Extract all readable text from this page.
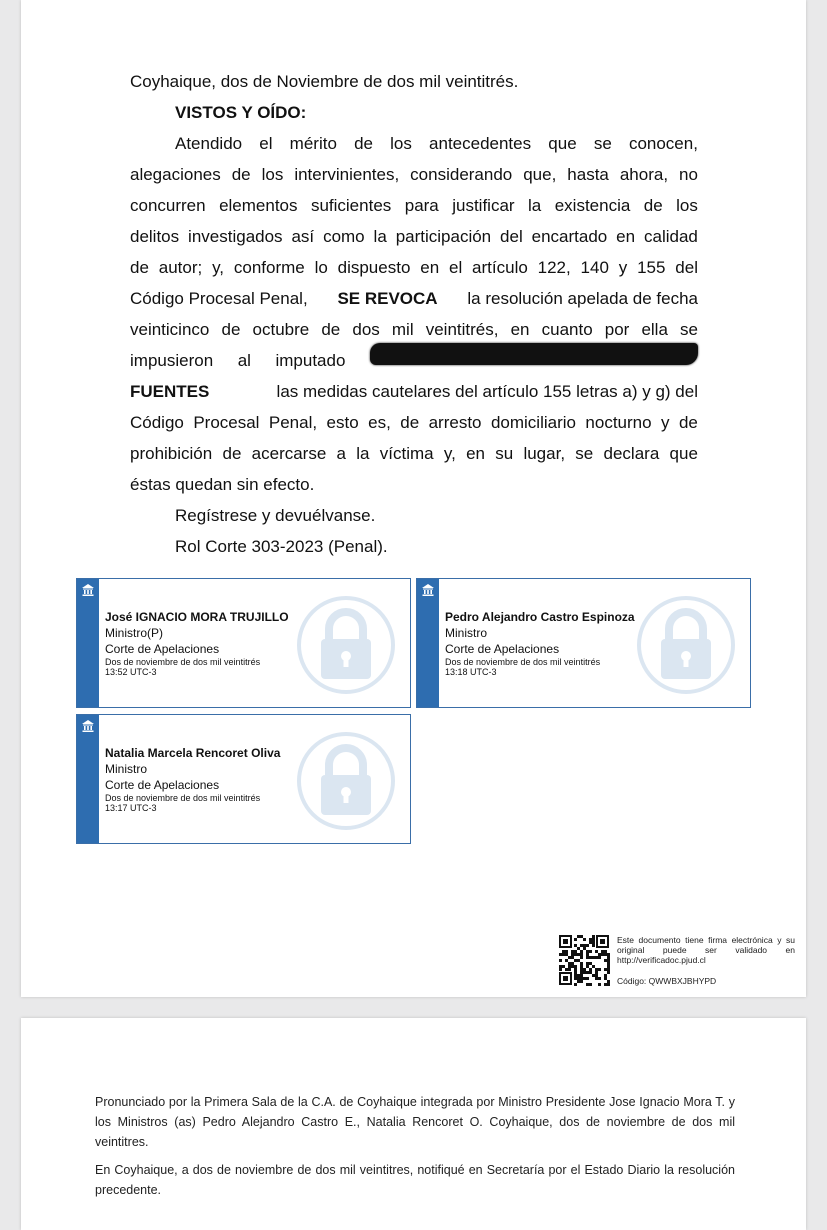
Coyhaique, dos de Noviembre de dos mil veintitrés.
VISTOS Y OÍDO:
Atendido el mérito de los antecedentes que se conocen,
alegaciones de los intervinientes, considerando que, hasta ahora, no
concurren elementos suficientes para justificar la existencia de los
delitos investigados así como la participación del encartado en calidad
de autor; y, conforme lo dispuesto en el artículo 122, 140 y 155 del
Código Procesal Penal, SE REVOCA la resolución apelada de fecha
veinticinco de octubre de dos mil veintitrés, en cuanto por ella se
impusieron al imputado
FUENTES	las medidas cautelares del artículo 155 letras a) y g) del
Código Procesal Penal, esto es, de arresto domiciliario nocturno y de
prohibición de acercarse a la víctima y, en su lugar, se declara que
éstas quedan sin efecto.
Regístrese y devuélvanse.
Rol Corte 303-2023 (Penal).
José IGNACIO MORA TRUJILLO
Ministro(P)
Corte de Apelaciones
Dos de noviembre de dos mil veintitrés
13:52 UTC-3
Pedro Alejandro Castro Espinoza
Ministro
Corte de Apelaciones
Dos de noviembre de dos mil veintitrés
13:18 UTC-3
Natalia Marcela Rencoret Oliva
Ministro
Corte de Apelaciones
Dos de noviembre de dos mil veintitrés
13:17 UTC-3
Este documento tiene firma electrónica y su original puede ser validado en http://verificadoc.pjud.cl
Código: QWWBXJBHYPD
Pronunciado por la Primera Sala de la C.A. de Coyhaique integrada por Ministro Presidente Jose Ignacio Mora T. y los Ministros (as) Pedro Alejandro Castro E., Natalia Rencoret O. Coyhaique, dos de noviembre de dos mil veintitres.
En Coyhaique, a dos de noviembre de dos mil veintitres, notifiqué en Secretaría por el Estado Diario la resolución precedente.
